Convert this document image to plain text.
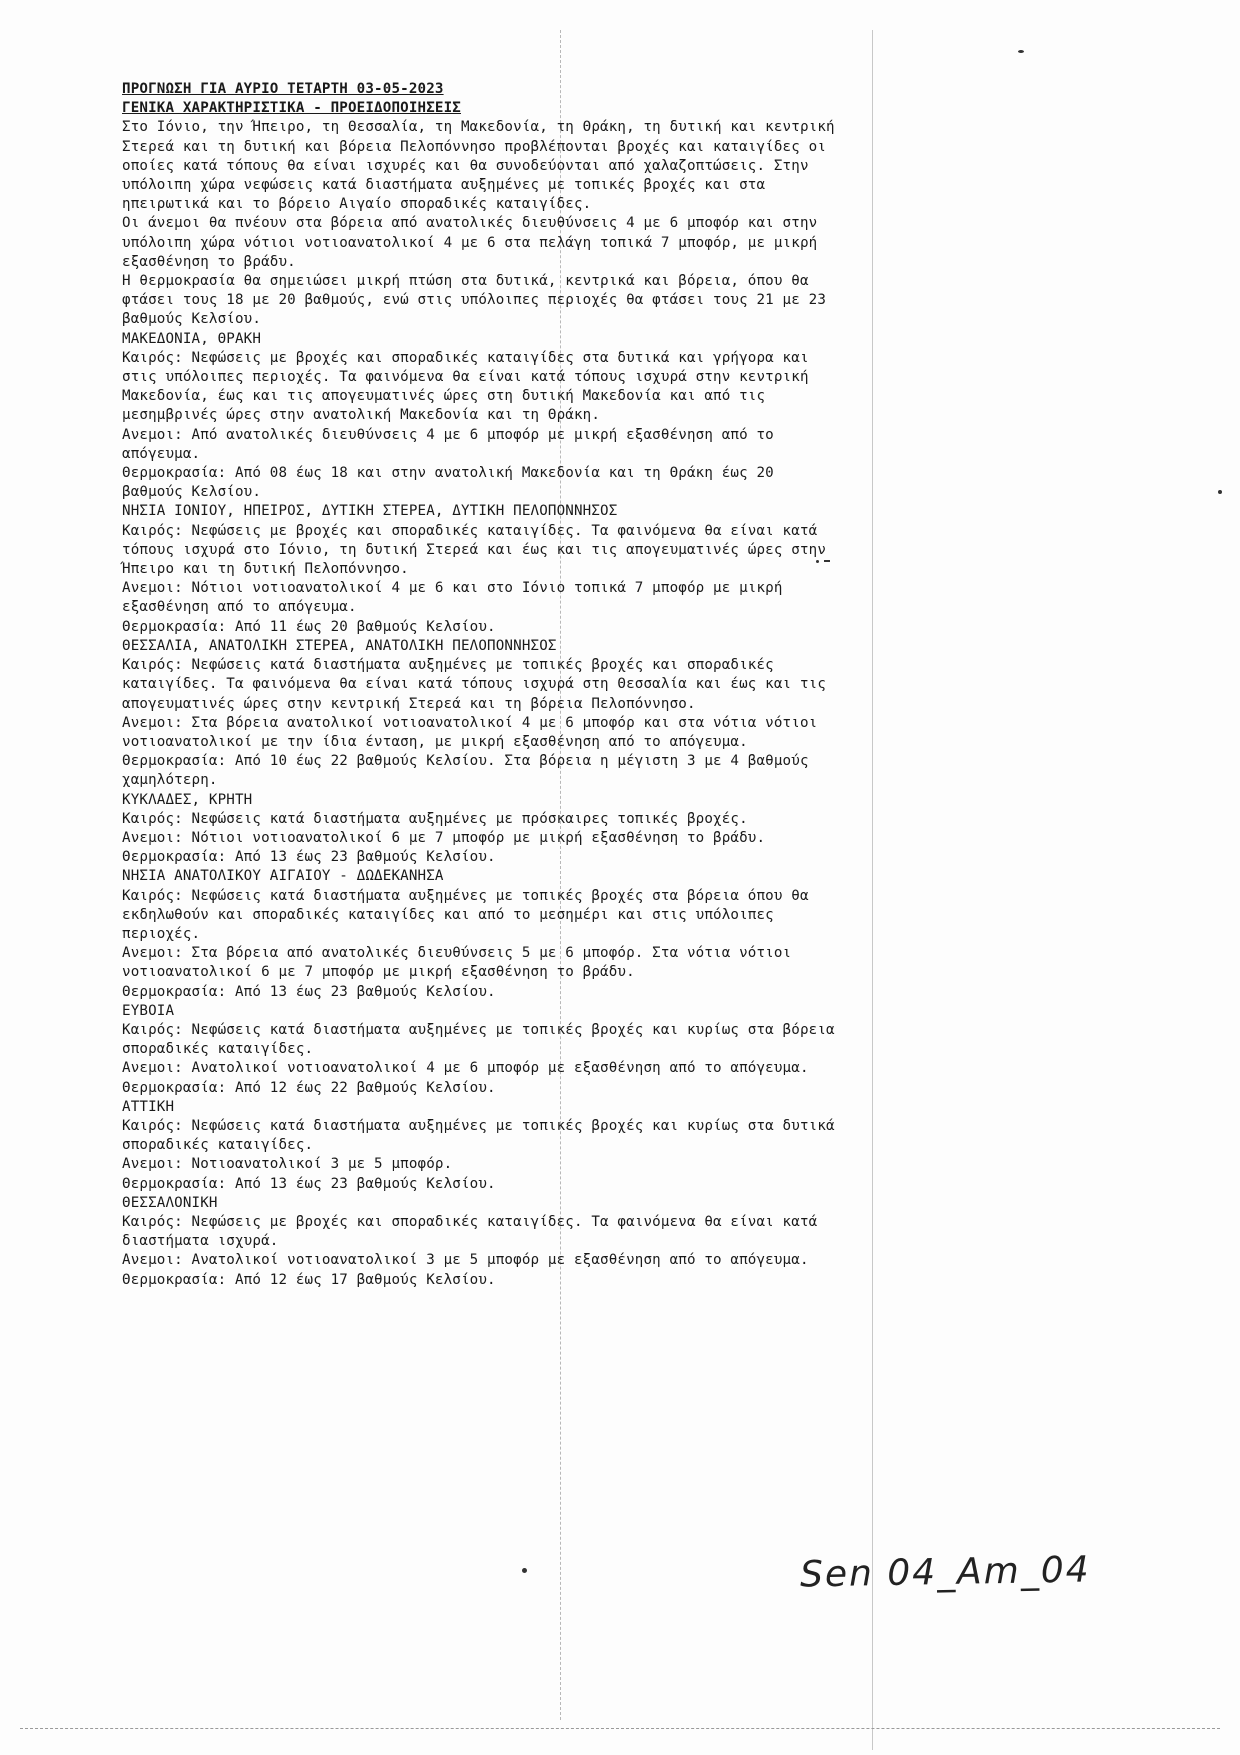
ΠΡΟΓΝΩΣΗ ΓΙΑ ΑΥΡΙΟ ΤΕΤΑΡΤΗ 03-05-2023
ΓΕΝΙΚΑ ΧΑΡΑΚΤΗΡΙΣΤΙΚΑ - ΠΡΟΕΙΔΟΠΟΙΗΣΕΙΣ

Στο Ιόνιο, την Ήπειρο, τη Θεσσαλία, τη Μακεδονία, τη Θράκη, τη δυτική και κεντρική Στερεά και τη δυτική και βόρεια Πελοπόννησο προβλέπονται βροχές και καταιγίδες οι οποίες κατά τόπους θα είναι ισχυρές και θα συνοδεύονται από χαλαζοπτώσεις. Στην υπόλοιπη χώρα νεφώσεις κατά διαστήματα αυξημένες με τοπικές βροχές και στα ηπειρωτικά και το βόρειο Αιγαίο σποραδικές καταιγίδες.

Οι άνεμοι θα πνέουν στα βόρεια από ανατολικές διευθύνσεις 4 με 6 μποφόρ και στην υπόλοιπη χώρα νότιοι νοτιοανατολικοί 4 με 6 στα πελάγη τοπικά 7 μποφόρ, με μικρή εξασθένηση το βράδυ.

Η θερμοκρασία θα σημειώσει μικρή πτώση στα δυτικά, κεντρικά και βόρεια, όπου θα φτάσει τους 18 με 20 βαθμούς, ενώ στις υπόλοιπες περιοχές θα φτάσει τους 21 με 23 βαθμούς Κελσίου.

ΜΑΚΕΔΟΝΙΑ, ΘΡΑΚΗ

Καιρός: Νεφώσεις με βροχές και σποραδικές καταιγίδες στα δυτικά και γρήγορα και στις υπόλοιπες περιοχές. Τα φαινόμενα θα είναι κατά τόπους ισχυρά στην κεντρική Μακεδονία, έως και τις απογευματινές ώρες στη δυτική Μακεδονία και από τις μεσημβρινές ώρες στην ανατολική Μακεδονία και τη Θράκη.

Ανεμοι: Από ανατολικές διευθύνσεις 4 με 6 μποφόρ με μικρή εξασθένηση από το απόγευμα.

Θερμοκρασία: Από 08 έως 18 και στην ανατολική Μακεδονία και τη Θράκη έως 20 βαθμούς Κελσίου.

ΝΗΣΙΑ ΙΟΝΙΟΥ, ΗΠΕΙΡΟΣ, ΔΥΤΙΚΗ ΣΤΕΡΕΑ, ΔΥΤΙΚΗ ΠΕΛΟΠΟΝΝΗΣΟΣ

Καιρός: Νεφώσεις με βροχές και σποραδικές καταιγίδες. Τα φαινόμενα θα είναι κατά τόπους ισχυρά στο Ιόνιο, τη δυτική Στερεά και έως και τις απογευματινές ώρες στην Ήπειρο και τη δυτική Πελοπόννησο.

Ανεμοι: Νότιοι νοτιοανατολικοί 4 με 6 και στο Ιόνιο τοπικά 7 μποφόρ με μικρή εξασθένηση από το απόγευμα.

Θερμοκρασία: Από 11 έως 20 βαθμούς Κελσίου.

ΘΕΣΣΑΛΙΑ, ΑΝΑΤΟΛΙΚΗ ΣΤΕΡΕΑ, ΑΝΑΤΟΛΙΚΗ ΠΕΛΟΠΟΝΝΗΣΟΣ

Καιρός: Νεφώσεις κατά διαστήματα αυξημένες με τοπικές βροχές και σποραδικές καταιγίδες. Τα φαινόμενα θα είναι κατά τόπους ισχυρά στη Θεσσαλία και έως και τις απογευματινές ώρες στην κεντρική Στερεά και τη βόρεια Πελοπόννησο.

Ανεμοι: Στα βόρεια ανατολικοί νοτιοανατολικοί 4 με 6 μποφόρ και στα νότια νότιοι νοτιοανατολικοί με την ίδια ένταση, με μικρή εξασθένηση από το απόγευμα.

Θερμοκρασία: Από 10 έως 22 βαθμούς Κελσίου. Στα βόρεια η μέγιστη 3 με 4 βαθμούς χαμηλότερη.

ΚΥΚΛΑΔΕΣ, ΚΡΗΤΗ

Καιρός: Νεφώσεις κατά διαστήματα αυξημένες με πρόσκαιρες τοπικές βροχές.

Ανεμοι: Νότιοι νοτιοανατολικοί 6 με 7 μποφόρ με μικρή εξασθένηση το βράδυ.

Θερμοκρασία: Από 13 έως 23 βαθμούς Κελσίου.

ΝΗΣΙΑ ΑΝΑΤΟΛΙΚΟΥ ΑΙΓΑΙΟΥ - ΔΩΔΕΚΑΝΗΣΑ

Καιρός: Νεφώσεις κατά διαστήματα αυξημένες με τοπικές βροχές στα βόρεια όπου θα εκδηλωθούν και σποραδικές καταιγίδες και από το μεσημέρι και στις υπόλοιπες περιοχές.

Ανεμοι: Στα βόρεια από ανατολικές διευθύνσεις 5 με 6 μποφόρ. Στα νότια νότιοι νοτιοανατολικοί 6 με 7 μποφόρ με μικρή εξασθένηση το βράδυ.

Θερμοκρασία: Από 13 έως 23 βαθμούς Κελσίου.

ΕΥΒΟΙΑ

Καιρός: Νεφώσεις κατά διαστήματα αυξημένες με τοπικές βροχές και κυρίως στα βόρεια σποραδικές καταιγίδες.

Ανεμοι: Ανατολικοί νοτιοανατολικοί 4 με 6 μποφόρ με εξασθένηση από το απόγευμα.

Θερμοκρασία: Από 12 έως 22 βαθμούς Κελσίου.

ΑΤΤΙΚΗ

Καιρός: Νεφώσεις κατά διαστήματα αυξημένες με τοπικές βροχές και κυρίως στα δυτικά σποραδικές καταιγίδες.

Ανεμοι: Νοτιοανατολικοί 3 με 5 μποφόρ.

Θερμοκρασία: Από 13 έως 23 βαθμούς Κελσίου.

ΘΕΣΣΑΛΟΝΙΚΗ

Καιρός: Νεφώσεις με βροχές και σποραδικές καταιγίδες. Τα φαινόμενα θα είναι κατά διαστήματα ισχυρά.

Ανεμοι: Ανατολικοί νοτιοανατολικοί 3 με 5 μποφόρ με εξασθένηση από το απόγευμα.

Θερμοκρασία: Από 12 έως 17 βαθμούς Κελσίου.

Sen 04_Am_04
